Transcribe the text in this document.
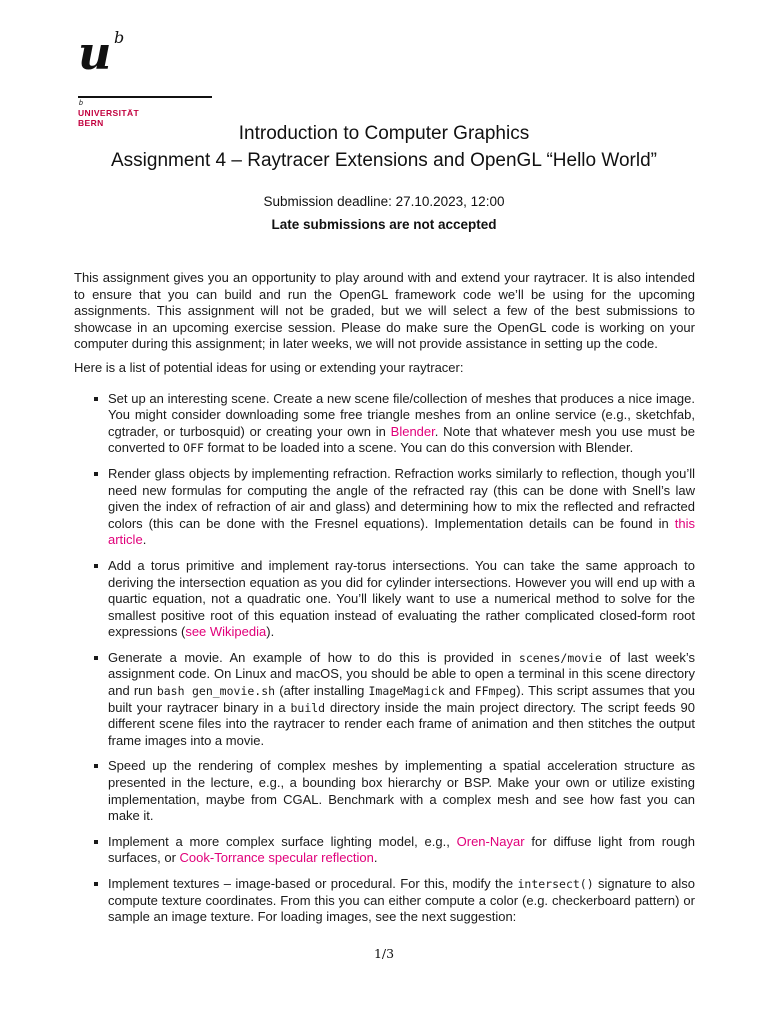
u b
b
UNIVERSITÄT
BERN	Introduction to Computer Graphics
Assignment 4 – Raytracer Extensions and OpenGL “Hello World”
Submission deadline: 27.10.2023, 12:00
Late submissions are not accepted

This assignment gives you an opportunity to play around with and extend your raytracer. It is also intended to ensure that you can build and run the OpenGL framework code we’ll be using for the upcoming assignments. This assignment will not be graded, but we will select a few of the best submissions to showcase in an upcoming exercise session. Please do make sure the OpenGL code is working on your computer during this assignment; in later weeks, we will not provide assistance in setting up the code.

Here is a list of potential ideas for using or extending your raytracer:

Set up an interesting scene. Create a new scene file/collection of meshes that produces a nice image. You might consider downloading some free triangle meshes from an online service (e.g., sketchfab, cgtrader, or turbosquid) or creating your own in Blender. Note that whatever mesh you use must be converted to OFF format to be loaded into a scene. You can do this conversion with Blender.
Render glass objects by implementing refraction. Refraction works similarly to reflection, though you’ll need new formulas for computing the angle of the refracted ray (this can be done with Snell’s law given the index of refraction of air and glass) and determining how to mix the reflected and refracted colors (this can be done with the Fresnel equations). Implementation details can be found in this article.
Add a torus primitive and implement ray-torus intersections. You can take the same approach to deriving the intersection equation as you did for cylinder intersections. However you will end up with a quartic equation, not a quadratic one. You’ll likely want to use a numerical method to solve for the smallest positive root of this equation instead of evaluating the rather complicated closed-form root expressions (see Wikipedia).
Generate a movie. An example of how to do this is provided in scenes/movie of last week’s assignment code. On Linux and macOS, you should be able to open a terminal in this scene directory and run bash gen_movie.sh (after installing ImageMagick and FFmpeg). This script assumes that you built your raytracer binary in a build directory inside the main project directory. The script feeds 90 different scene files into the raytracer to render each frame of animation and then stitches the output frame images into a movie.
Speed up the rendering of complex meshes by implementing a spatial acceleration structure as presented in the lecture, e.g., a bounding box hierarchy or BSP. Make your own or utilize existing implementation, maybe from CGAL. Benchmark with a complex mesh and see how fast you can make it.
Implement a more complex surface lighting model, e.g., Oren-Nayar for diffuse light from rough surfaces, or Cook-Torrance specular reflection.
Implement textures – image-based or procedural. For this, modify the intersect() signature to also compute texture coordinates. From this you can either compute a color (e.g. checkerboard pattern) or sample an image texture. For loading images, see the next suggestion:
1/3
